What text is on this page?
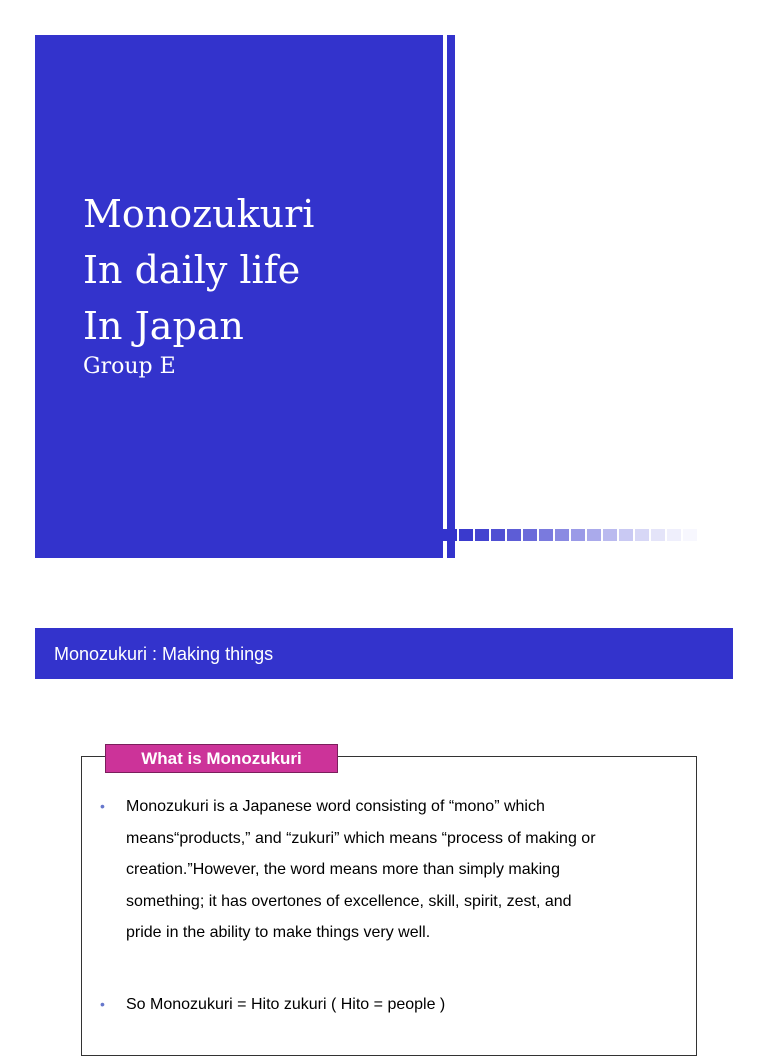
Monozukuri
In daily life
In Japan
Group E
Monozukuri : Making things
What is Monozukuri
• Monozukuri is a Japanese word consisting of “mono” which
means“products,” and “zukuri” which means “process of making or
creation.”However, the word means more than simply making
something; it has overtones of excellence, skill, spirit, zest, and
pride in the ability to make things very well.
• So Monozukuri = Hito zukuri ( Hito = people )
